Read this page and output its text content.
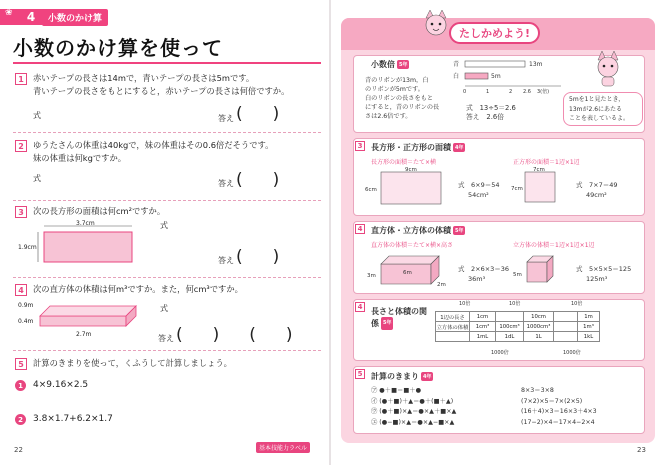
❀ 4	小数のかけ算
小数のかけ算を使って
1	赤いテープの長さは14mで，青いテープの長さは5mです。
青いテープの長さをもとにすると，赤いテープの長さは何倍ですか。
式	答え ()
2	ゆうたさんの体重は40kgで，妹の体重はその0.6倍だそうです。
妹の体重は何kgですか。
式
答え ()
3	次の長方形の面積は何cm²ですか。
3.7cm
1.9cm
式
答え ()
4	次の直方体の体積は何m³ですか。また，何cm³ですか。
0.9m
0.4m
2.7m
式
答え ()()
5	計算のきまりを使って，くふうして計算しましょう。
1	4×9.16×2.5
2	3.8×1.7+6.2×1.7
22	基本技能力ラベル
たしかめよう!
小数倍 5年
青のリボンが13m，白
のリボンが5mです。
白のリボンの長さをもと
にすると，青のリボンの長
さは2.6倍です。
青
白
13m
5m
0	1	2 2.6 3(倍)
式　13÷5＝2.6
答え　2.6倍
5mを1と見たとき，
13mが2.6にあたる
ことを表しているよ。
3	長方形・正方形の面積 4年
長方形の面積＝たて×横	正方形の面積＝1辺×1辺
9cm
6cm
式　6×9＝54
54cm²
7cm
7cm	式　7×7＝49
49cm²
4	直方体・立方体の体積 5年
直方体の体積＝たて×横×高さ	立方体の体積＝1辺×1辺×1辺
6m
2m
3m
式　2×6×3＝36
36m³	5m
式　5×5×5＝125
125m³
4	長さと体積の関係 5年
10倍	10倍	10倍
1辺の長さ	1cm		10cm		1m
立方体の体積	1cm³	100cm³	1000cm³		1m³
	1mL	1dL	1L		1kL
1000倍	1000倍
5	計算のきまり 4年
㋐ ●＋■＝■＋●
㋑ (●＋■)＋▲＝●＋(■＋▲)
㋒ (●＋■)×▲＝●×▲＋■×▲
㋓ (●−■)×▲＝●×▲−■×▲
8×3＝3×8
(7×2)×5＝7×(2×5)
(16＋4)×3＝16×3＋4×3
(17−2)×4＝17×4−2×4
23
